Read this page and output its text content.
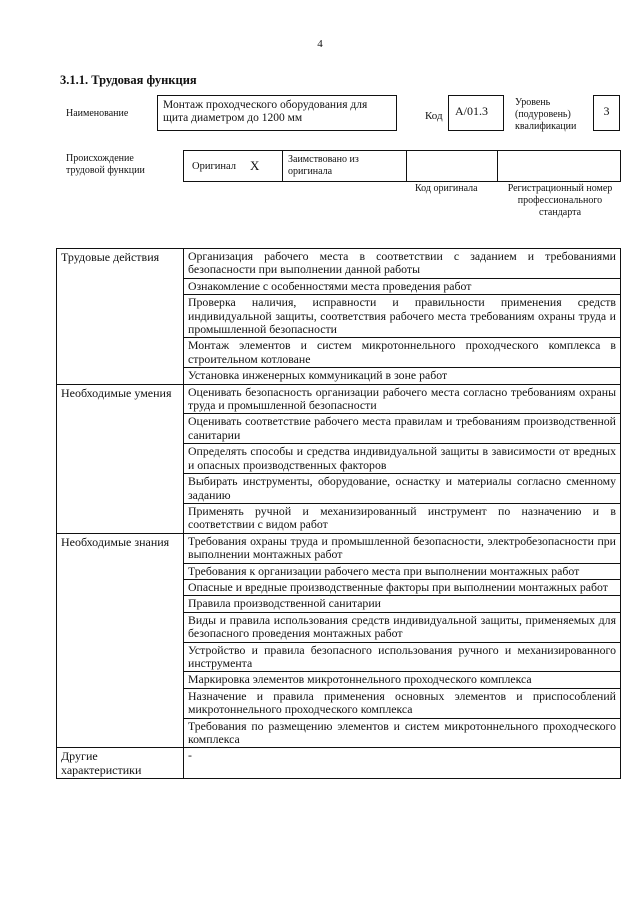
4
3.1.1. Трудовая функция
Наименование
Монтаж проходческого оборудования для щита диаметром до 1200 мм	Код	A/01.3
Уровень (подуровень) квалификации
3
Происхождение трудовой функции	Оригинал X	Заимствовано из оригинала
Код оригинала	Регистрационный номер профессионального стандарта
Трудовые действия	Организация рабочего места в соответствии с заданием и требованиями безопасности при выполнении данной работы
	Ознакомление с особенностями места проведения работ
	Проверка наличия, исправности и правильности применения средств индивидуальной защиты, соответствия рабочего места требованиям охраны труда и промышленной безопасности
	Монтаж элементов и систем микротоннельного проходческого комплекса в строительном котловане
	Установка инженерных коммуникаций в зоне работ
Необходимые умения	Оценивать безопасность организации рабочего места согласно требованиям охраны труда и промышленной безопасности
	Оценивать соответствие рабочего места правилам и требованиям производственной санитарии
	Определять способы и средства индивидуальной защиты в зависимости от вредных и опасных производственных факторов
	Выбирать инструменты, оборудование, оснастку и материалы согласно сменному заданию
	Применять ручной и механизированный инструмент по назначению и в соответствии с видом работ
Необходимые знания	Требования охраны труда и промышленной безопасности, электробезопасности при выполнении монтажных работ
	Требования к организации рабочего места при выполнении монтажных работ
	Опасные и вредные производственные факторы при выполнении монтажных работ
	Правила производственной санитарии
	Виды и правила использования средств индивидуальной защиты, применяемых для безопасного проведения монтажных работ
	Устройство и правила безопасного использования ручного и механизированного инструмента
	Маркировка элементов микротоннельного проходческого комплекса
	Назначение и правила применения основных элементов и приспособлений микротоннельного проходческого комплекса
	Требования по размещению элементов и систем микротоннельного проходческого комплекса
Другие характеристики	-
